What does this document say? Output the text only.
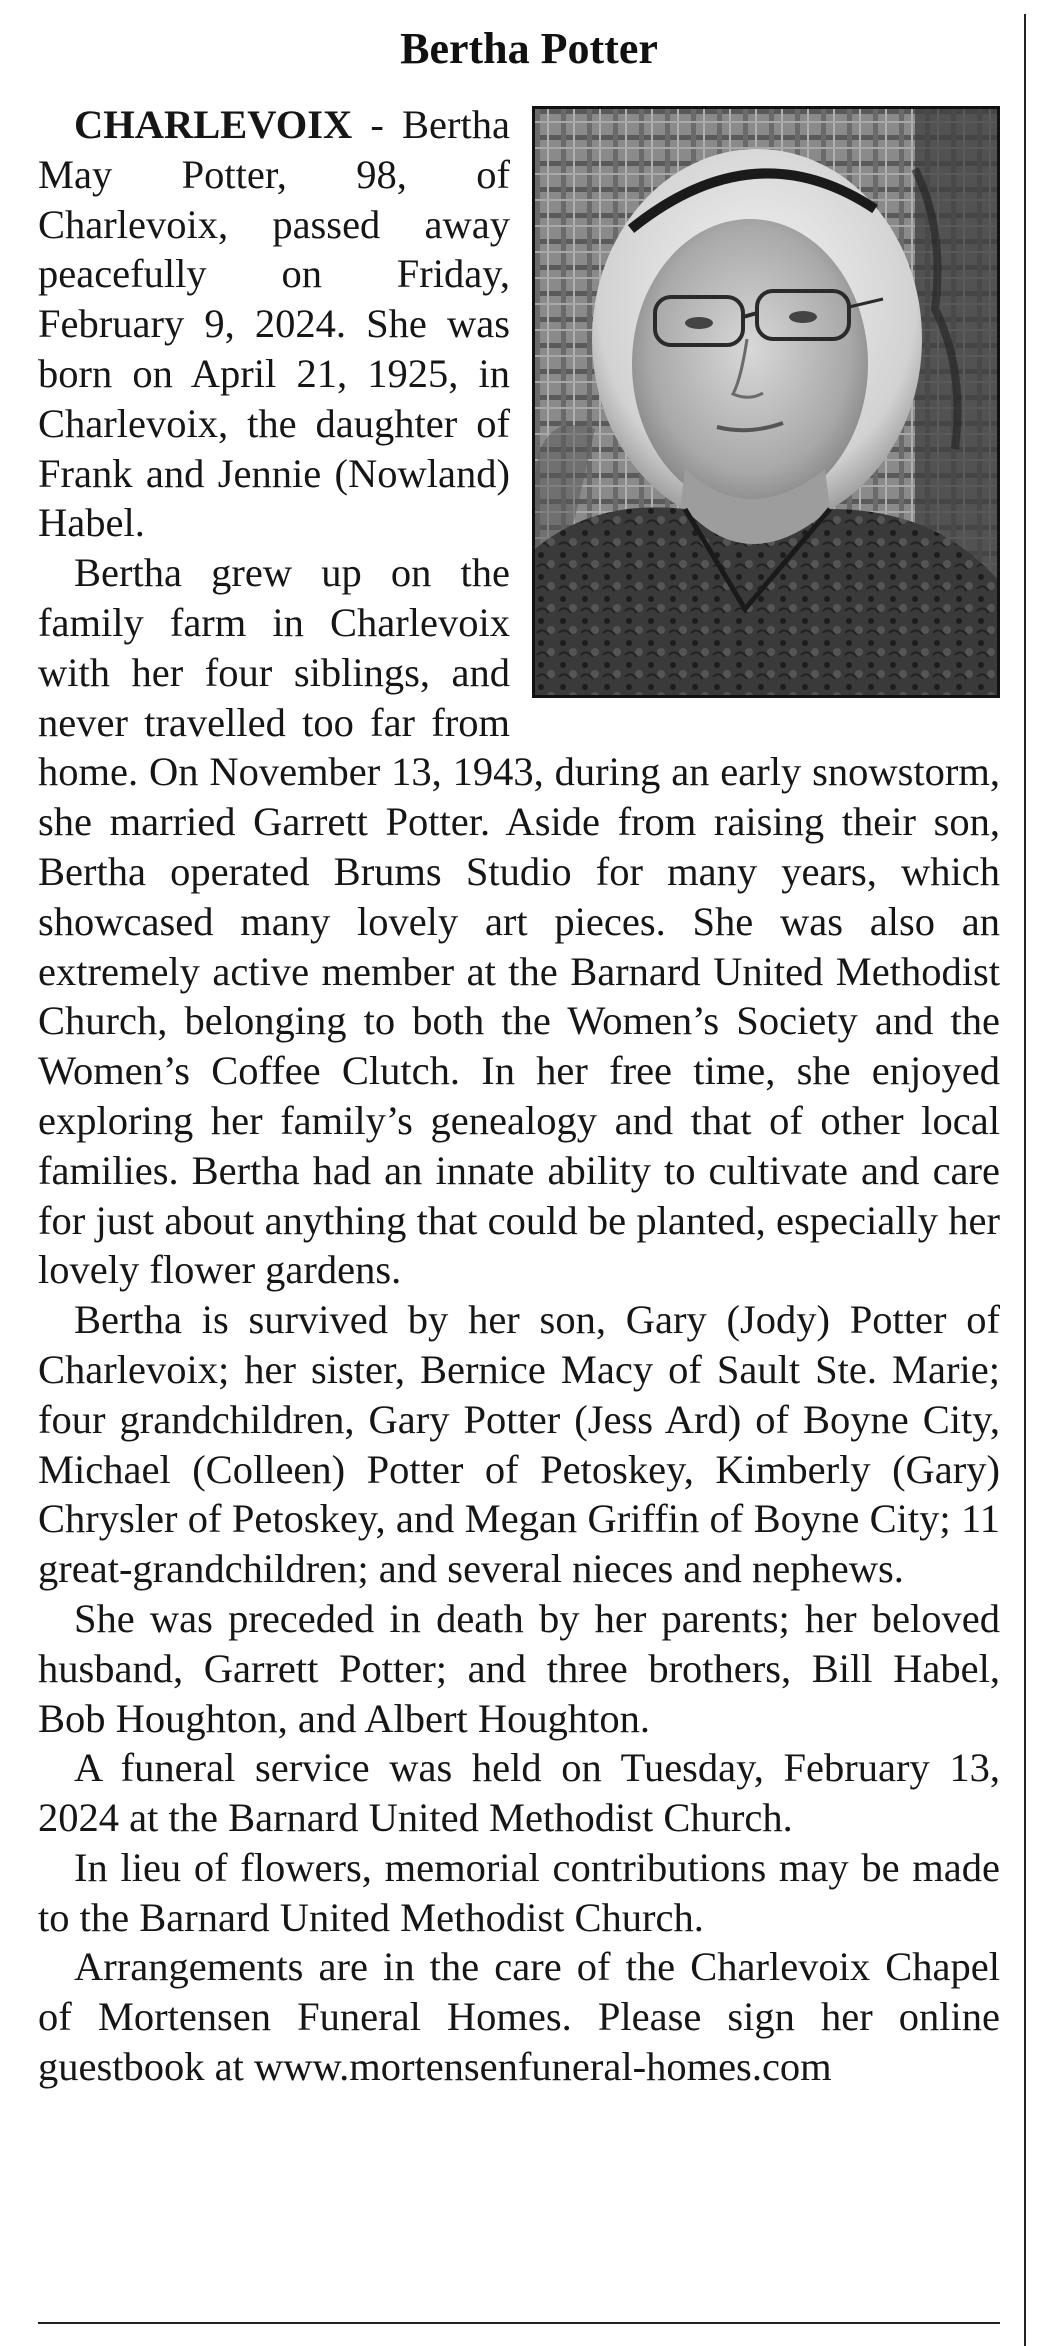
Bertha Potter

CHARLEVOIX - Bertha May Potter, 98, of Charlevoix, passed away peacefully on Friday, February 9, 2024. She was born on April 21, 1925, in Charlevoix, the daughter of Frank and Jennie (Nowland) Habel.

Bertha grew up on the family farm in Charlevoix with her four siblings, and never travelled too far from home. On November 13, 1943, during an early snowstorm, she married Garrett Potter. Aside from raising their son, Bertha operated Brums Studio for many years, which showcased many lovely art pieces. She was also an extremely active member at the Barnard United Methodist Church, belonging to both the Women’s Society and the Women’s Coffee Clutch. In her free time, she enjoyed exploring her family’s genealogy and that of other local families. Bertha had an innate ability to cultivate and care for just about anything that could be planted, especially her lovely flower gardens.

Bertha is survived by her son, Gary (Jody) Potter of Charlevoix; her sister, Bernice Macy of Sault Ste. Marie; four grandchildren, Gary Potter (Jess Ard) of Boyne City, Michael (Colleen) Potter of Petoskey, Kimberly (Gary) Chrysler of Petoskey, and Megan Griffin of Boyne City; 11 great-grandchildren; and several nieces and nephews.

She was preceded in death by her parents; her beloved husband, Garrett Potter; and three brothers, Bill Habel, Bob Houghton, and Albert Houghton.

A funeral service was held on Tuesday, February 13, 2024 at the Barnard United Methodist Church.

In lieu of flowers, memorial contributions may be made to the Barnard United Methodist Church.

Arrangements are in the care of the Charlevoix Chapel of Mortensen Funeral Homes. Please sign her online guestbook at www.mortensenfuneral-homes.com
